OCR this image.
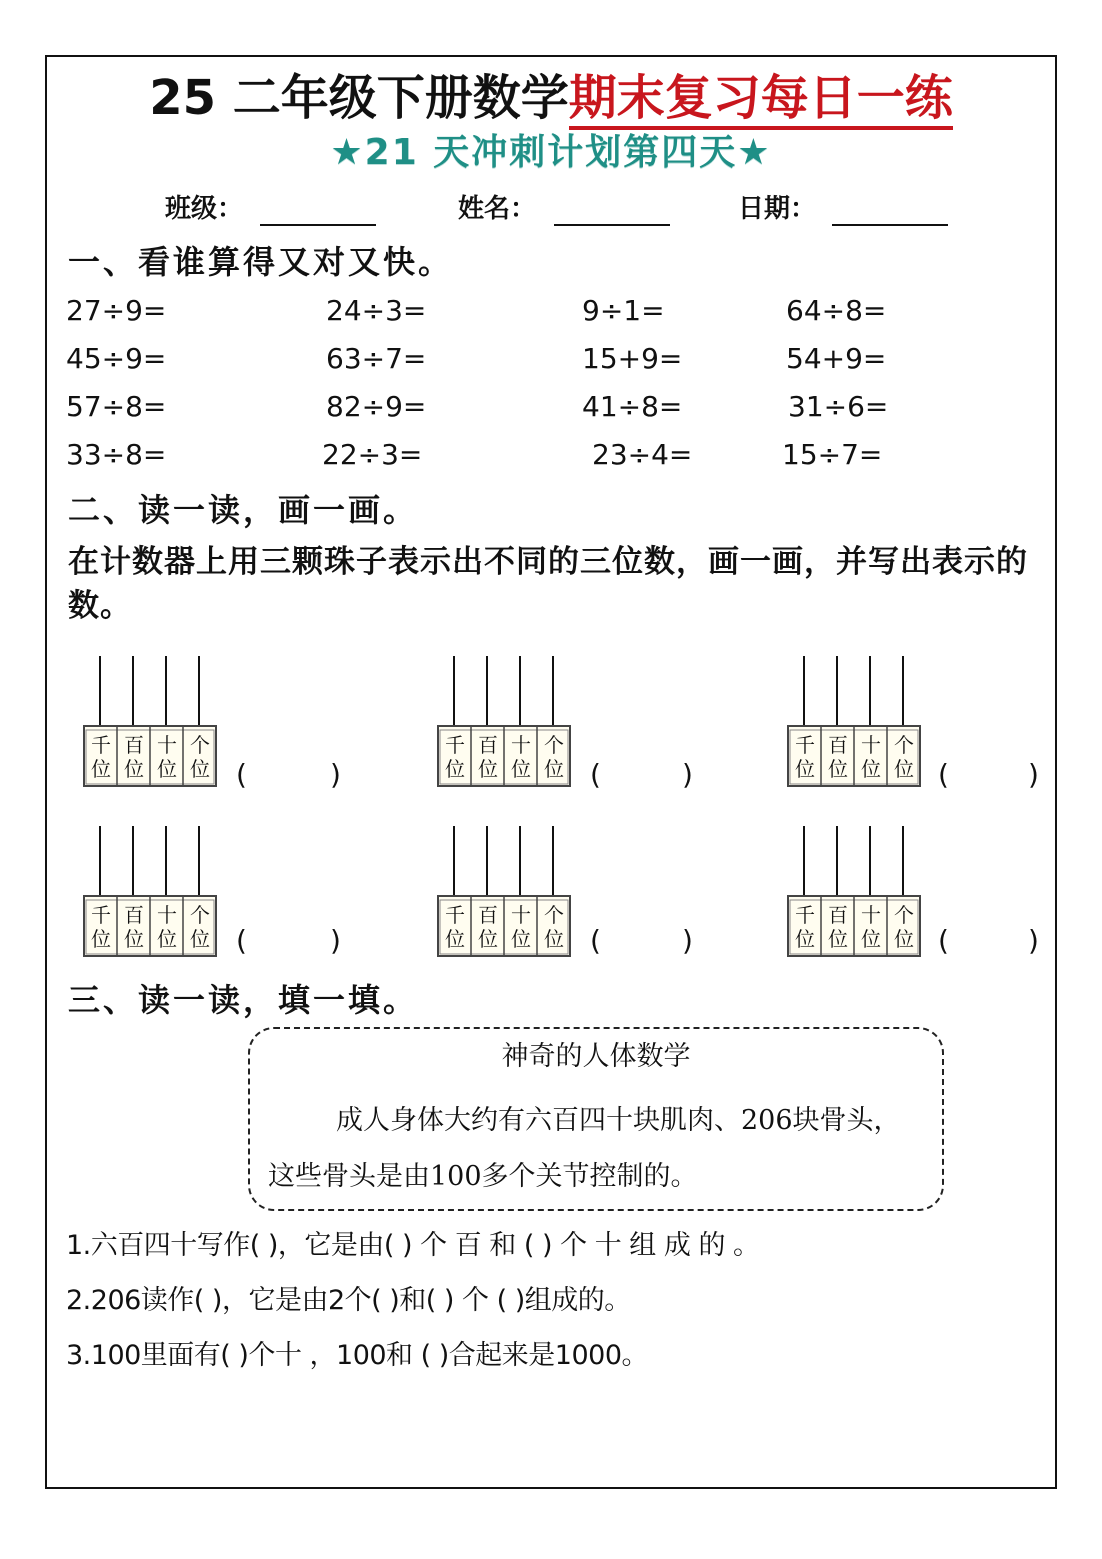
25 二年级下册数学期末复习每日一练
★21 天冲刺计划第四天★
班级：	姓名：	日期：
一、看谁算得又对又快。
27÷9=	24÷3=	9÷1=	64÷8=
45÷9=	63÷7=	15+9=	54+9=
57÷8=	82÷9=	41÷8=	31÷6=
33÷8=	22÷3=	23÷4=	15÷7=
二、读一读，画一画。
在计数器上用三颗珠子表示出不同的三位数，画一画，并写出表示的数。
千 百 十 个
位 位 位 位 (	)
千 百 十 个
位 位 位 位 (	)
千 百 十 个
位 位 位 位 (	)
千 百 十 个
位 位 位 位 (	)
千 百 十 个
位 位 位 位 (	)
千 百 十 个
位 位 位 位 (	)
三、读一读，填一填。
神奇的人体数学
成人身体大约有六百四十块肌肉、206块骨头，这些骨头是由100多个关节控制的。
1.六百四十写作( )，它是由( ) 个 百 和 ( ) 个 十 组 成 的 。
2.206读作( )，它是由2个( )和( ) 个 ( )组成的。
3.100里面有( )个十 ，100和 ( )合起来是1000。
